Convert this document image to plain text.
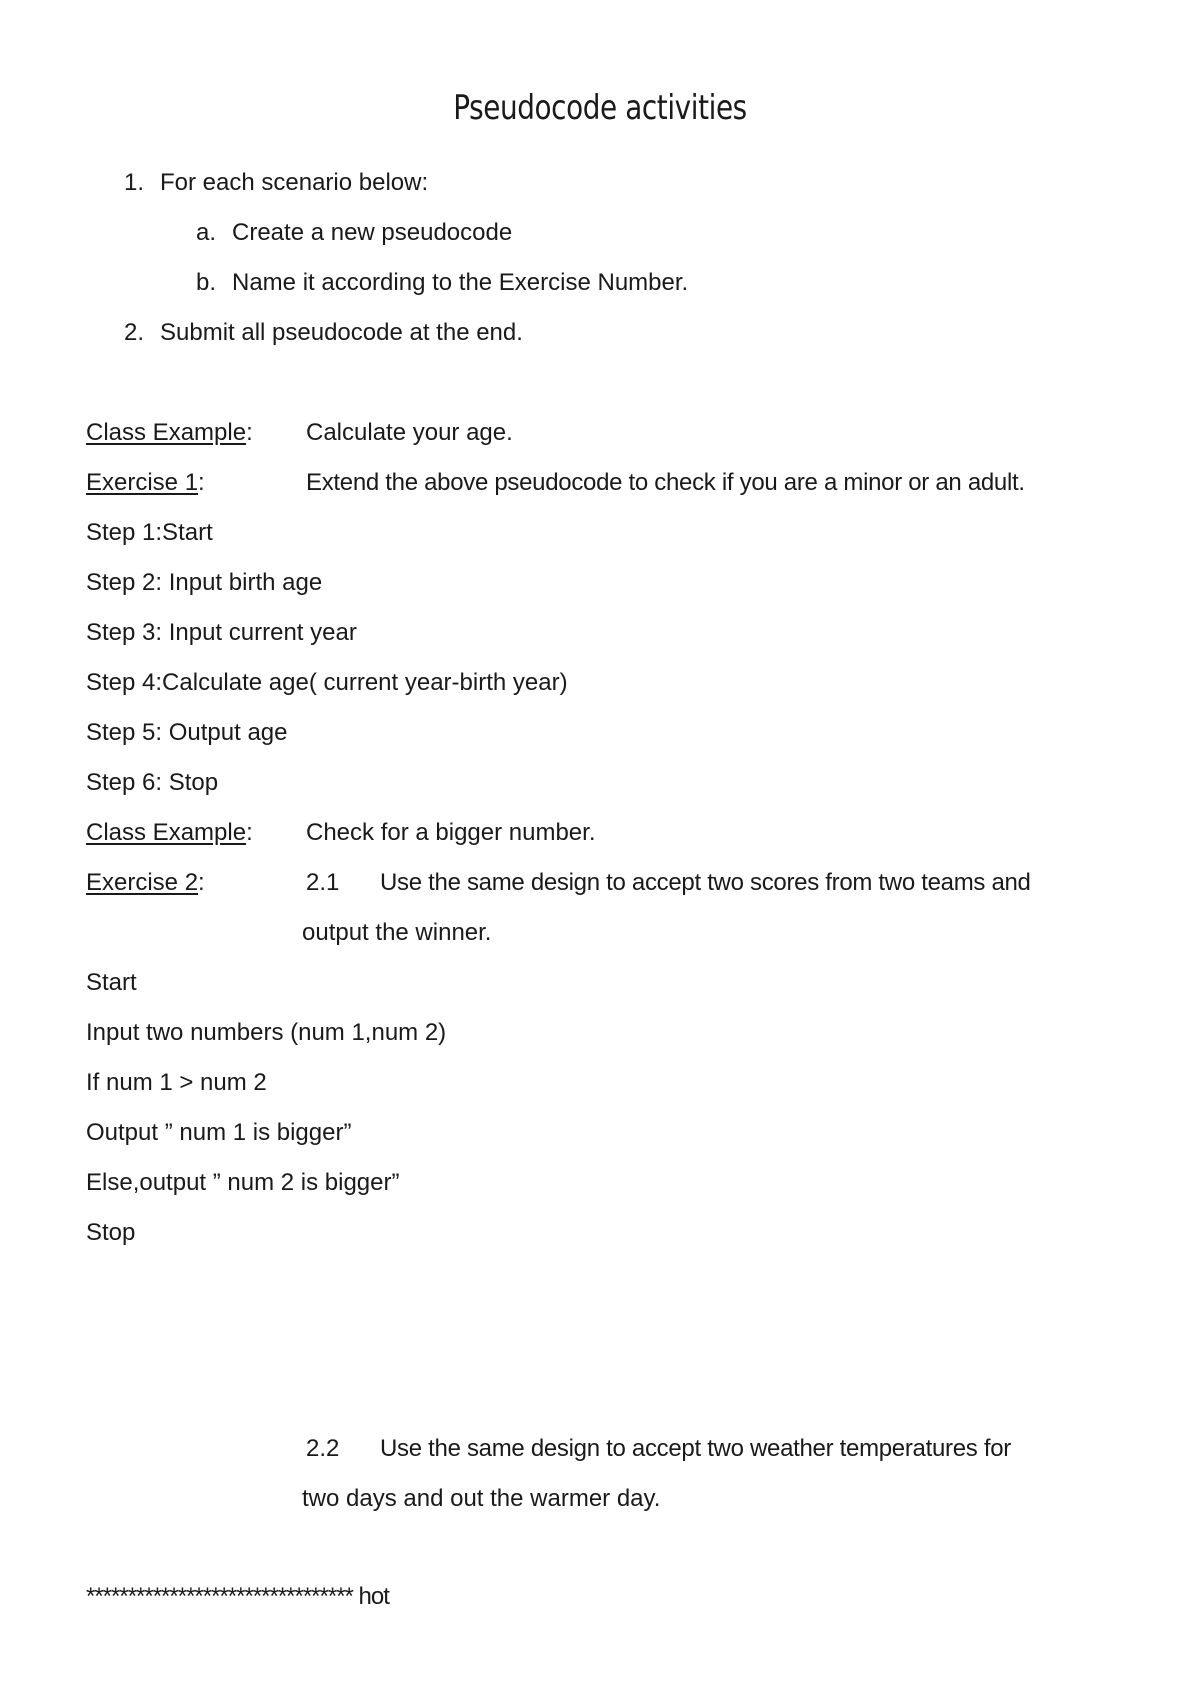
Pseudocode activities
1. For each scenario below:
a. Create a new pseudocode
b. Name it according to the Exercise Number.
2. Submit all pseudocode at the end.
Class Example: Calculate your age.
Exercise 1:	Extend the above pseudocode to check if you are a minor or an adult.
Step 1:Start
Step 2: Input birth age
Step 3: Input current year
Step 4:Calculate age( current year-birth year)
Step 5: Output age
Step 6: Stop
Class Example: Check for a bigger number.
Exercise 2:	2.1 Use the same design to accept two scores from two teams and
output the winner.
Start
Input two numbers (num 1,num 2)
If num 1 > num 2
Output ” num 1 is bigger”
Else,output ” num 2 is bigger”
Stop
2.2 Use the same design to accept two weather temperatures for
two days and out the warmer day.
******************************** hot
